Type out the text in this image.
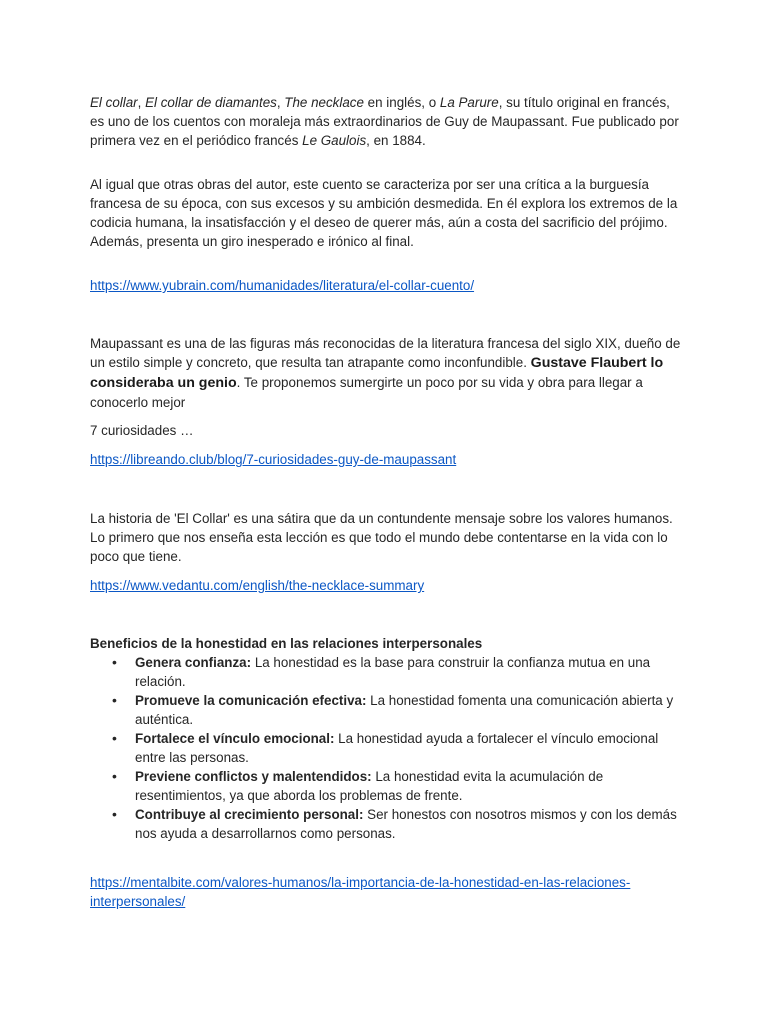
El collar, El collar de diamantes, The necklace en inglés, o La Parure, su título original en francés, es uno de los cuentos con moraleja más extraordinarios de Guy de Maupassant. Fue publicado por primera vez en el periódico francés Le Gaulois, en 1884.

Al igual que otras obras del autor, este cuento se caracteriza por ser una crítica a la burguesía francesa de su época, con sus excesos y su ambición desmedida. En él explora los extremos de la codicia humana, la insatisfacción y el deseo de querer más, aún a costa del sacrificio del prójimo. Además, presenta un giro inesperado e irónico al final.

https://www.yubrain.com/humanidades/literatura/el-collar-cuento/

Maupassant es una de las figuras más reconocidas de la literatura francesa del siglo XIX, dueño de un estilo simple y concreto, que resulta tan atrapante como inconfundible. Gustave Flaubert lo consideraba un genio. Te proponemos sumergirte un poco por su vida y obra para llegar a conocerlo mejor

7 curiosidades …

https://libreando.club/blog/7-curiosidades-guy-de-maupassant

La historia de 'El Collar' es una sátira que da un contundente mensaje sobre los valores humanos. Lo primero que nos enseña esta lección es que todo el mundo debe contentarse en la vida con lo poco que tiene.

https://www.vedantu.com/english/the-necklace-summary

Beneficios de la honestidad en las relaciones interpersonales
• Genera confianza: La honestidad es la base para construir la confianza mutua en una relación.
• Promueve la comunicación efectiva: La honestidad fomenta una comunicación abierta y auténtica.
• Fortalece el vínculo emocional: La honestidad ayuda a fortalecer el vínculo emocional entre las personas.
• Previene conflictos y malentendidos: La honestidad evita la acumulación de resentimientos, ya que aborda los problemas de frente.
• Contribuye al crecimiento personal: Ser honestos con nosotros mismos y con los demás nos ayuda a desarrollarnos como personas.

https://mentalbite.com/valores-humanos/la-importancia-de-la-honestidad-en-las-relaciones-interpersonales/
